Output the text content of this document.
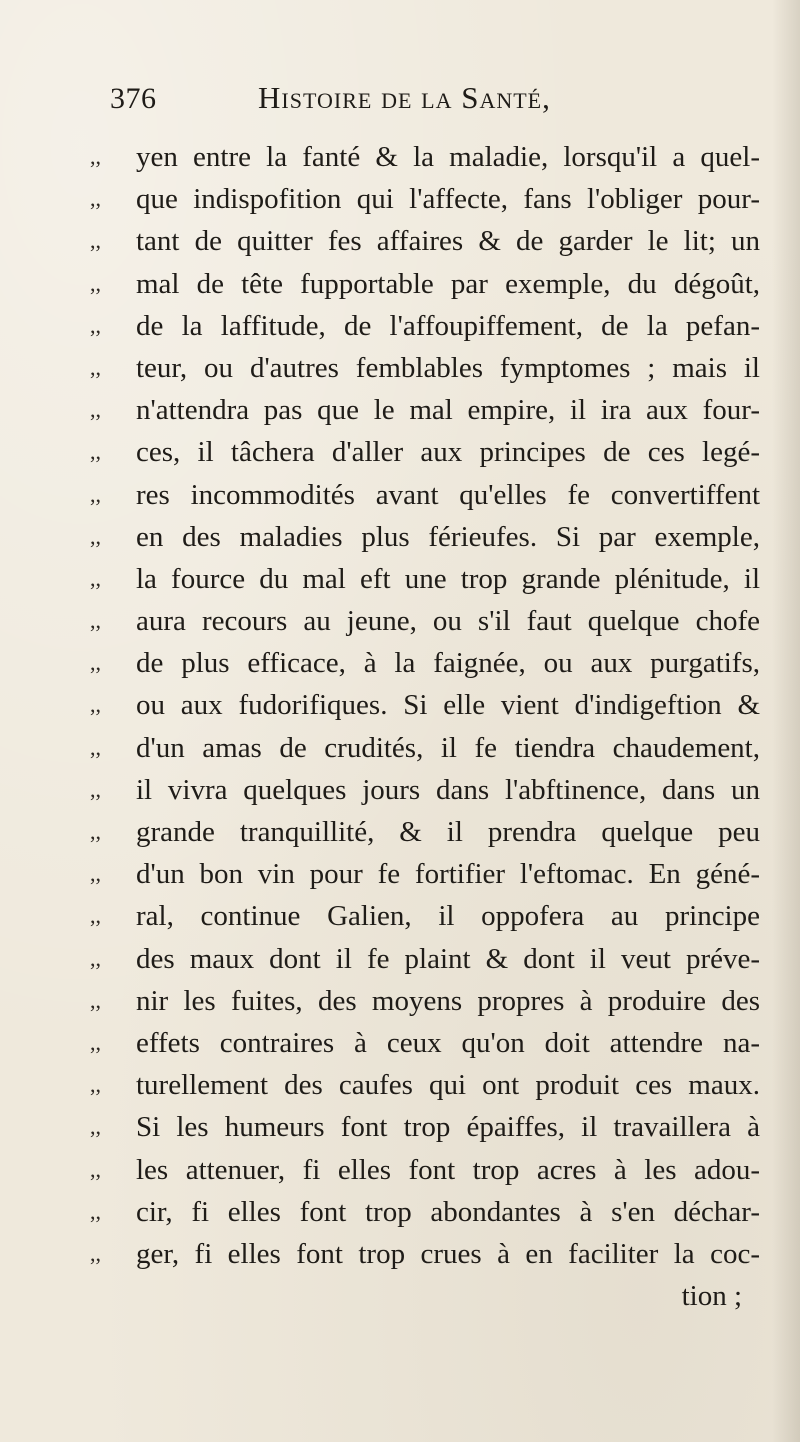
376	Histoire de la Santé,
,,	yen entre la fanté & la maladie, lorsqu'il a quel-
,,	que indispofition qui l'affecte, fans l'obliger pour-
,,	tant de quitter fes affaires & de garder le lit; un
,,	mal de tête fupportable par exemple, du dégoût,
,,	de la laffitude, de l'affoupiffement, de la pefan-
,,	teur, ou d'autres femblables fymptomes ; mais il
,,	n'attendra pas que le mal empire, il ira aux four-
,,	ces, il tâchera d'aller aux principes de ces legé-
,,	res incommodités avant qu'elles fe convertiffent
,,	en des maladies plus férieufes. Si par exemple,
,,	la fource du mal eft une trop grande plénitude, il
,,	aura recours au jeune, ou s'il faut quelque chofe
,,	de plus efficace, à la faignée, ou aux purgatifs,
,,	ou aux fudorifiques. Si elle vient d'indigeftion &
,,	d'un amas de crudités, il fe tiendra chaudement,
,,	il vivra quelques jours dans l'abftinence, dans un
,,	grande tranquillité, & il prendra quelque peu
,,	d'un bon vin pour fe fortifier l'eftomac. En géné-
,,	ral, continue Galien, il oppofera au principe
,,	des maux dont il fe plaint & dont il veut préve-
,,	nir les fuites, des moyens propres à produire des
,,	effets contraires à ceux qu'on doit attendre na-
,,	turellement des caufes qui ont produit ces maux.
,,	Si les humeurs font trop épaiffes, il travaillera à
,,	les attenuer, fi elles font trop acres à les adou-
,,	cir, fi elles font trop abondantes à s'en déchar-
,,	ger, fi elles font trop crues à en faciliter la coc-
tion ;
